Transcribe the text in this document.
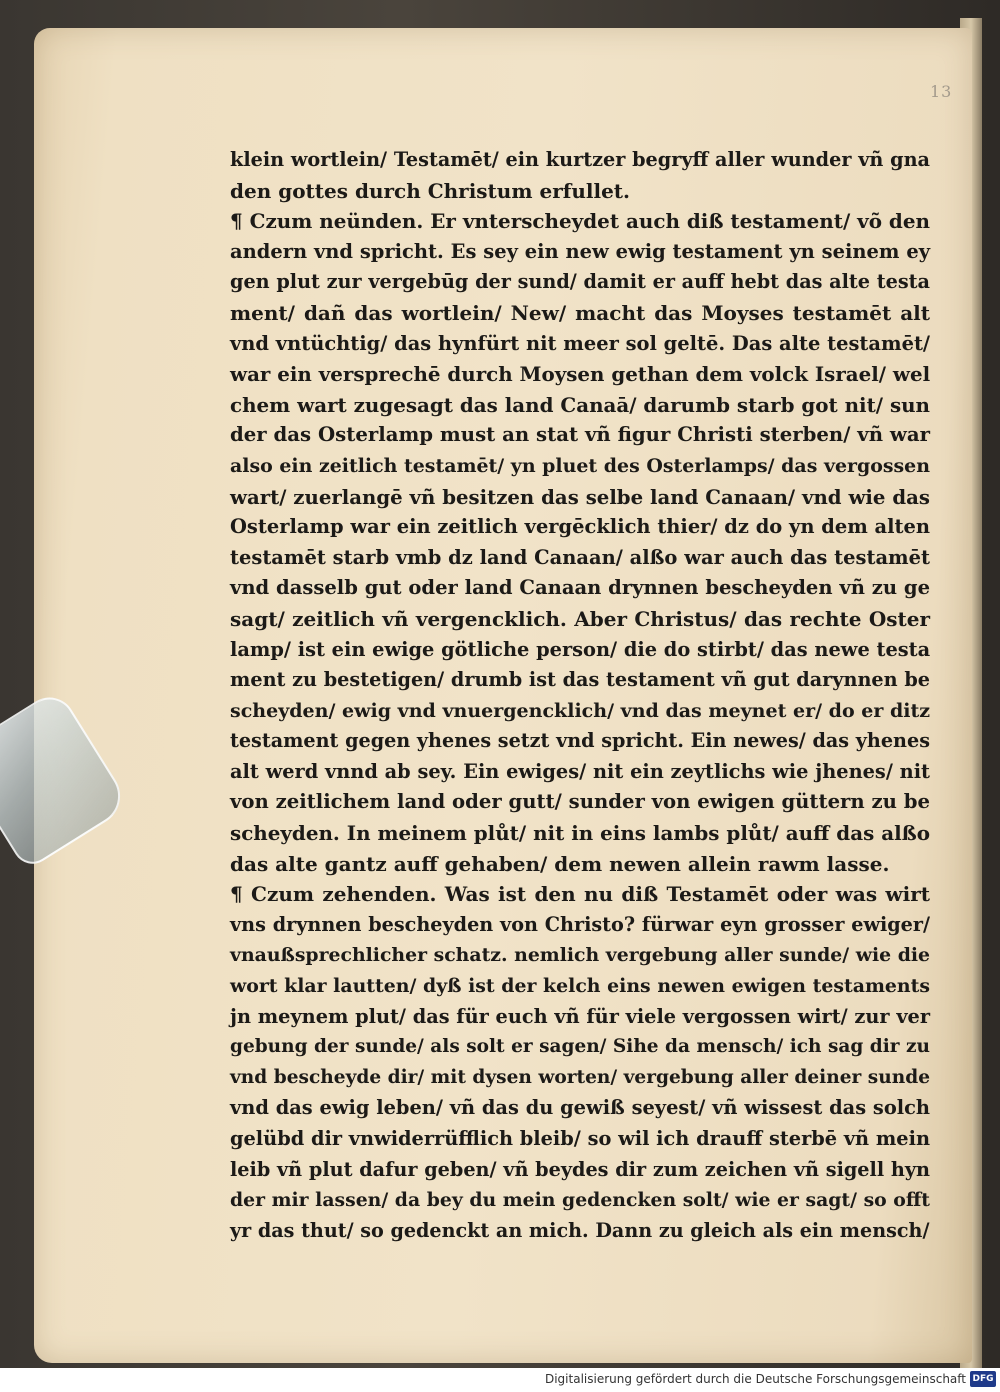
13
klein wortlein/ Testamēt/ ein kurtzer begryff aller wunder vñ gna
den gottes durch Christum erfullet.
¶ Czum neünden. Er vnterscheydet auch diß testament/ võ den
andern vnd spricht. Es sey ein new ewig testament yn seinem ey
gen plut zur vergebūg der sund/ damit er auff hebt das alte testa
ment/ dañ das wortlein/ New/ macht das Moyses testamēt alt
vnd vntüchtig/ das hynfürt nit meer sol geltē. Das alte testamēt/
war ein versprechē durch Moysen gethan dem volck Israel/ wel
chem wart zugesagt das land Canaā/ darumb starb got nit/ sun
der das Osterlamp must an stat vñ figur Christi sterben/ vñ war
also ein zeitlich testamēt/ yn pluet des Osterlamps/ das vergossen
wart/ zuerlangē vñ besitzen das selbe land Canaan/ vnd wie das
Osterlamp war ein zeitlich vergēcklich thier/ dz do yn dem alten
testamēt starb vmb dz land Canaan/ alßo war auch das testamēt
vnd dasselb gut oder land Canaan drynnen bescheyden vñ zu ge
sagt/ zeitlich vñ vergencklich. Aber Christus/ das rechte Oster
lamp/ ist ein ewige götliche person/ die do stirbt/ das newe testa
ment zu bestetigen/ drumb ist das testament vñ gut darynnen be
scheyden/ ewig vnd vnuergencklich/ vnd das meynet er/ do er ditz
testament gegen yhenes setzt vnd spricht. Ein newes/ das yhenes
alt werd vnnd ab sey. Ein ewiges/ nit ein zeytlichs wie jhenes/ nit
von zeitlichem land oder gutt/ sunder von ewigen güttern zu be
scheyden. In meinem plůt/ nit in eins lambs plůt/ auff das alßo
das alte gantz auff gehaben/ dem newen allein rawm lasse.
¶ Czum zehenden. Was ist den nu diß Testamēt oder was wirt
vns drynnen bescheyden von Christo? fürwar eyn grosser ewiger/
vnaußsprechlicher schatz. nemlich vergebung aller sunde/ wie die
wort klar lautten/ dyß ist der kelch eins newen ewigen testaments
jn meynem plut/ das für euch vñ für viele vergossen wirt/ zur ver
gebung der sunde/ als solt er sagen/ Sihe da mensch/ ich sag dir zu
vnd bescheyde dir/ mit dysen worten/ vergebung aller deiner sunde
vnd das ewig leben/ vñ das du gewiß seyest/ vñ wissest das solch
gelübd dir vnwiderrüfflich bleib/ so wil ich drauff sterbē vñ mein
leib vñ plut dafur geben/ vñ beydes dir zum zeichen vñ sigell hyn
der mir lassen/ da bey du mein gedencken solt/ wie er sagt/ so offt
yr das thut/ so gedenckt an mich. Dann zu gleich als ein mensch/
Digitalisierung gefördert durch die Deutsche Forschungsgemeinschaft DFG
